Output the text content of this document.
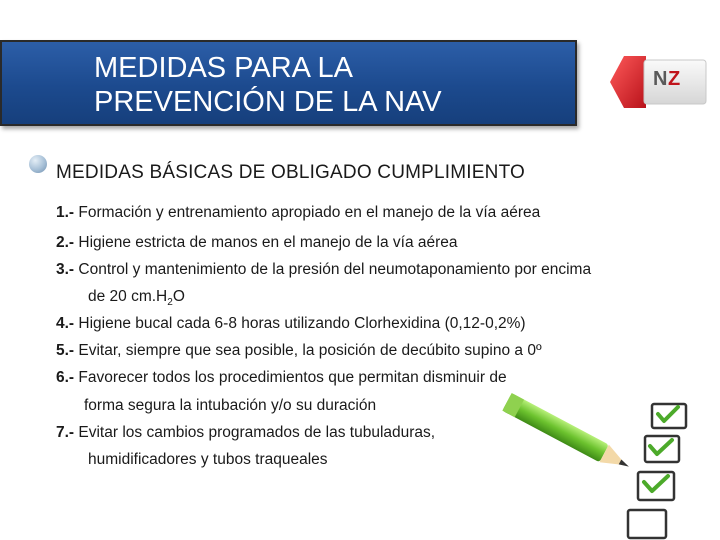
MEDIDAS PARA LA
PREVENCIÓN DE LA NAV
NZ
MEDIDAS BÁSICAS DE OBLIGADO CUMPLIMIENTO
1.- Formación y entrenamiento apropiado en el manejo de la vía aérea
2.- Higiene estricta de manos en el manejo de la vía aérea
3.- Control y mantenimiento de la presión del neumotaponamiento por encima
de 20 $cm.H_2O$
4.- Higiene bucal cada 6-8 horas utilizando Clorhexidina (0,12-0,2%)
5.- Evitar, siempre que sea posible, la posición de decúbito supino a 0º
6.- Favorecer todos los procedimientos que permitan disminuir de
forma segura la intubación y/o su duración
7.- Evitar los cambios programados de las tubuladuras,
humidificadores y tubos traqueales
